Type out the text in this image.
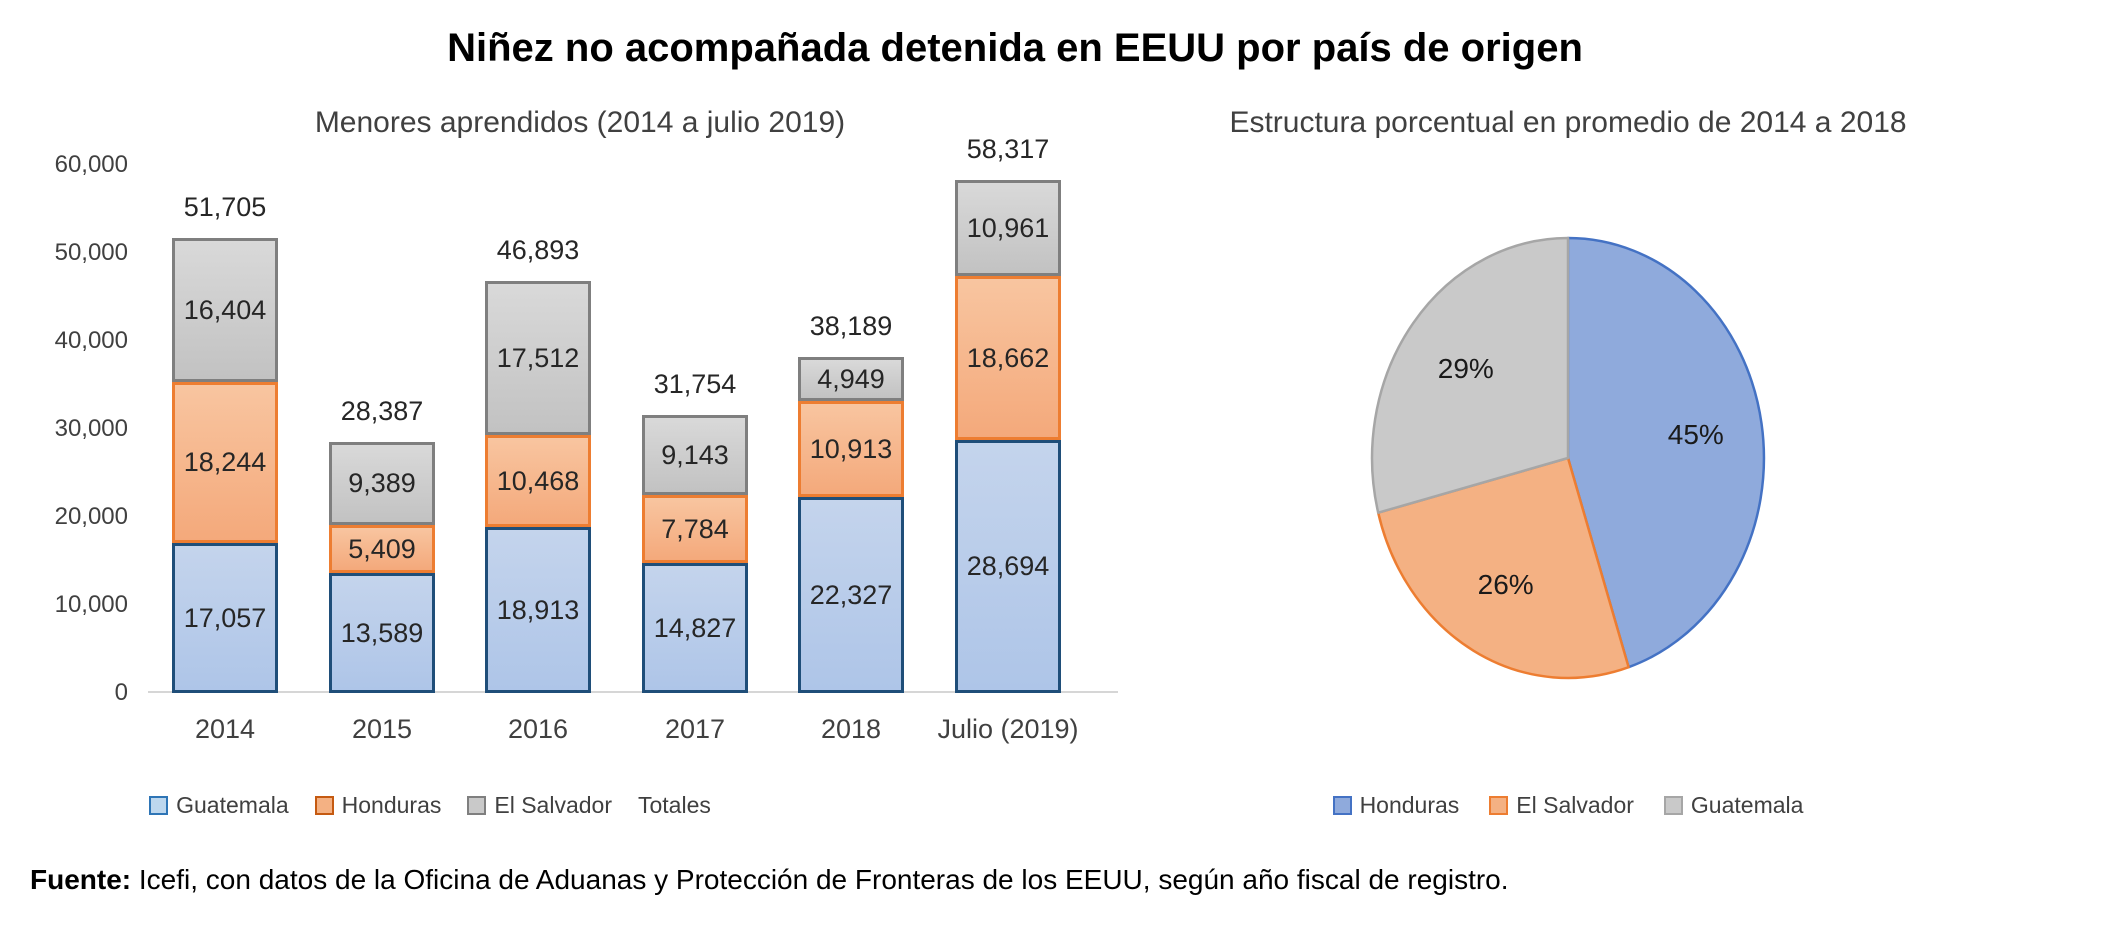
Niñez no acompañada detenida en EEUU por país de origen
Menores aprendidos (2014 a julio 2019)
0
10,000
20,000
30,000
40,000
50,000
60,000
17,057
18,244
16,404
51,705
2014
13,589
5,409
9,389
28,387
2015
18,913
10,468
17,512
46,893
2016
14,827
7,784
9,143
31,754
2017
22,327
10,913
4,949
38,189
2018
28,694
18,662
10,961
58,317
Julio (2019)
Guatemala Honduras El Salvador Totales
Estructura porcentual en promedio de 2014 a 2018
45%
26%
29%
Honduras El Salvador Guatemala
Fuente: Icefi, con datos de la Oficina de Aduanas y Protección de Fronteras de los EEUU, según año fiscal de registro.
